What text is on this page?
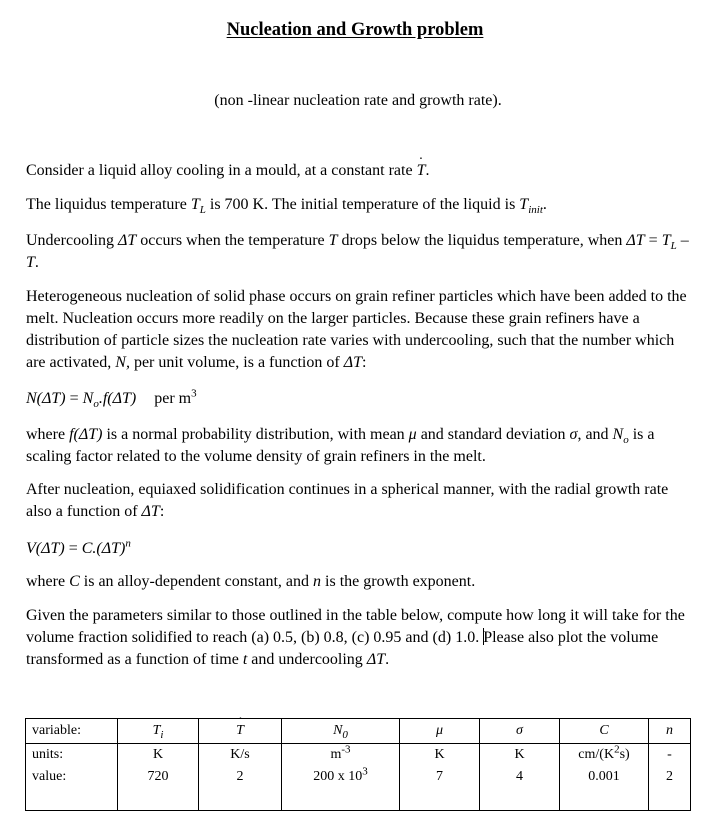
Nucleation and Growth problem
(non -linear nucleation rate and growth rate).
Consider a liquid alloy cooling in a mould, at a constant rate T ·.
The liquidus temperature $T_L$ is 700 K. The initial temperature of the liquid is $T_{init}$.
Undercooling ΔT occurs when the temperature T drops below the liquidus temperature, when $\Delta T = T_L - T$.
Heterogeneous nucleation of solid phase occurs on grain refiner particles which have been added to the melt. Nucleation occurs more readily on the larger particles. Because these grain refiners have a distribution of particle sizes the nucleation rate varies with undercooling, such that the number which are activated, N, per unit volume, is a function of ΔT:
$N(\Delta T) = N_o.f(\Delta T)$ per $m^3$
where f(ΔT) is a normal probability distribution, with mean μ and standard deviation σ, and $N_o$ is a scaling factor related to the volume density of grain refiners in the melt.
After nucleation, equiaxed solidification continues in a spherical manner, with the radial growth rate also a function of ΔT:
$V(\Delta T) = C.(\Delta T)^n$
where C is an alloy-dependent constant, and n is the growth exponent.
Given the parameters similar to those outlined in the table below, compute how long it will take for the volume fraction solidified to reach (a) 0.5, (b) 0.8, (c) 0.95 and (d) 1.0. Please also plot the volume transformed as a function of time t and undercooling ΔT.
variable:	$T_i$	T ·	$N_0$	μ	σ	C	n
units:	K	K/s	$m^{-3}$	K	K	$cm/(K^2s)$	-
value:	720	2	200 x $10^3$	7	4	0.001	2
